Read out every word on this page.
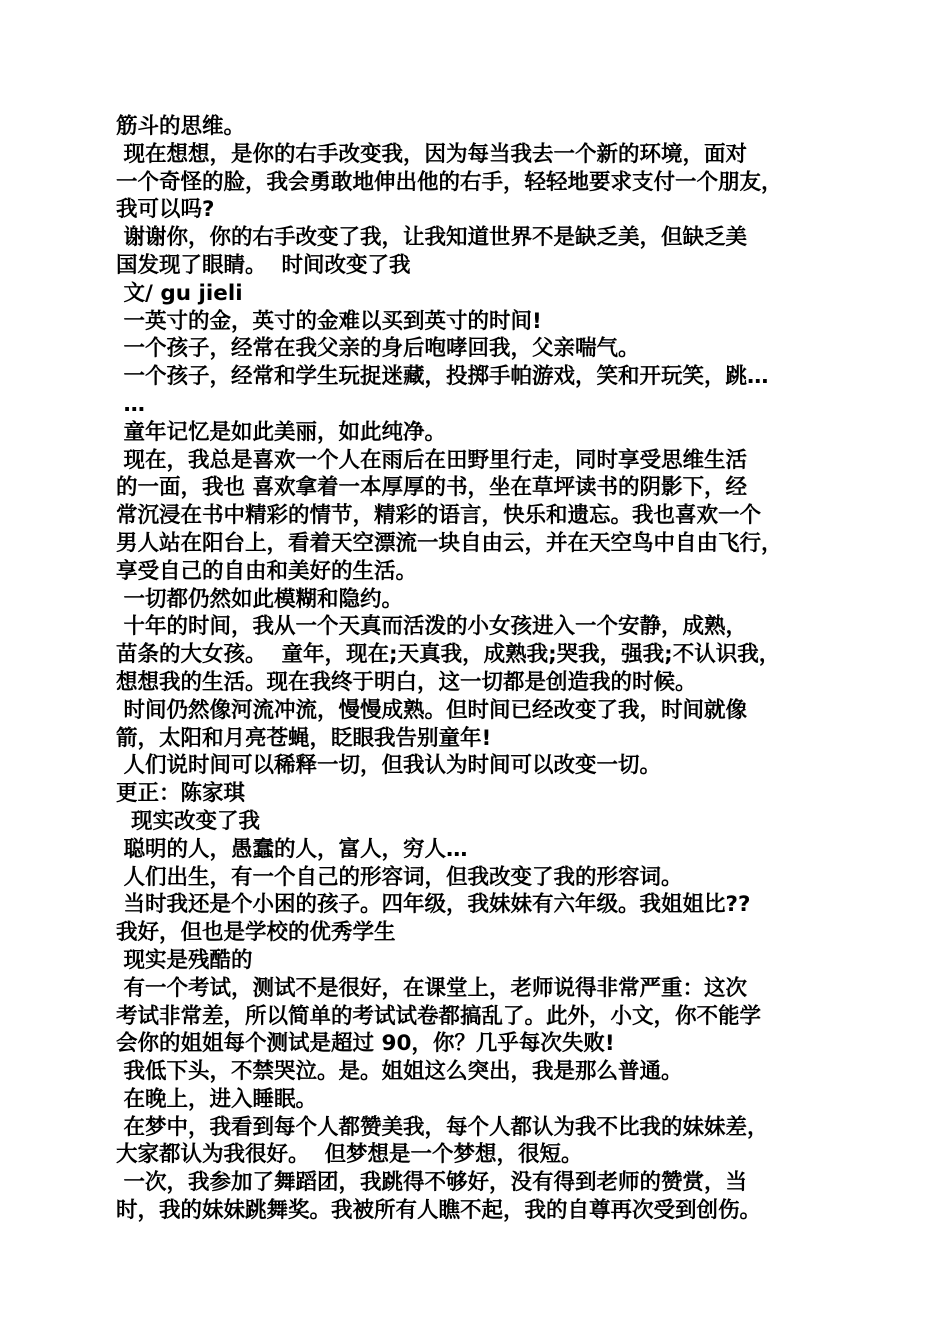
筋斗的思维。
现在想想，是你的右手改变我，因为每当我去一个新的环境，面对
一个奇怪的脸，我会勇敢地伸出他的右手，轻轻地要求支付一个朋友，
我可以吗?
谢谢你，你的右手改变了我，让我知道世界不是缺乏美，但缺乏美
国发现了眼睛。  时间改变了我
文/ gu jieli
一英寸的金，英寸的金难以买到英寸的时间!
一个孩子，经常在我父亲的身后咆哮回我，父亲喘气。
一个孩子，经常和学生玩捉迷藏，投掷手帕游戏，笑和开玩笑，跳…
…
童年记忆是如此美丽，如此纯净。
现在，我总是喜欢一个人在雨后在田野里行走，同时享受思维生活
的一面，我也 喜欢拿着一本厚厚的书，坐在草坪读书的阴影下，经
常沉浸在书中精彩的情节，精彩的语言，快乐和遗忘。我也喜欢一个
男人站在阳台上，看着天空漂流一块自由云，并在天空鸟中自由飞行，
享受自己的自由和美好的生活。
一切都仍然如此模糊和隐约。
十年的时间，我从一个天真而活泼的小女孩进入一个安静，成熟，
苗条的大女孩。  童年，现在;天真我，成熟我;哭我，强我;不认识我，
想想我的生活。现在我终于明白，这一切都是创造我的时候。
时间仍然像河流冲流，慢慢成熟。但时间已经改变了我，时间就像
箭，太阳和月亮苍蝇，眨眼我告别童年!
人们说时间可以稀释一切，但我认为时间可以改变一切。
更正：陈家琪
现实改变了我
聪明的人，愚蠢的人，富人，穷人…
人们出生，有一个自己的形容词，但我改变了我的形容词。
当时我还是个小困的孩子。四年级，我妹妹有六年级。我姐姐比??
我好，但也是学校的优秀学生
现实是残酷的
有一个考试，测试不是很好，在课堂上，老师说得非常严重：这次
考试非常差，所以简单的考试试卷都搞乱了。此外，小文，你不能学
会你的姐姐每个测试是超过 90，你？几乎每次失败!
我低下头，不禁哭泣。是。姐姐这么突出，我是那么普通。
在晚上，进入睡眠。
在梦中，我看到每个人都赞美我，每个人都认为我不比我的妹妹差，
大家都认为我很好。  但梦想是一个梦想，很短。
一次，我参加了舞蹈团，我跳得不够好，没有得到老师的赞赏，当
时，我的妹妹跳舞奖。我被所有人瞧不起，我的自尊再次受到创伤。
